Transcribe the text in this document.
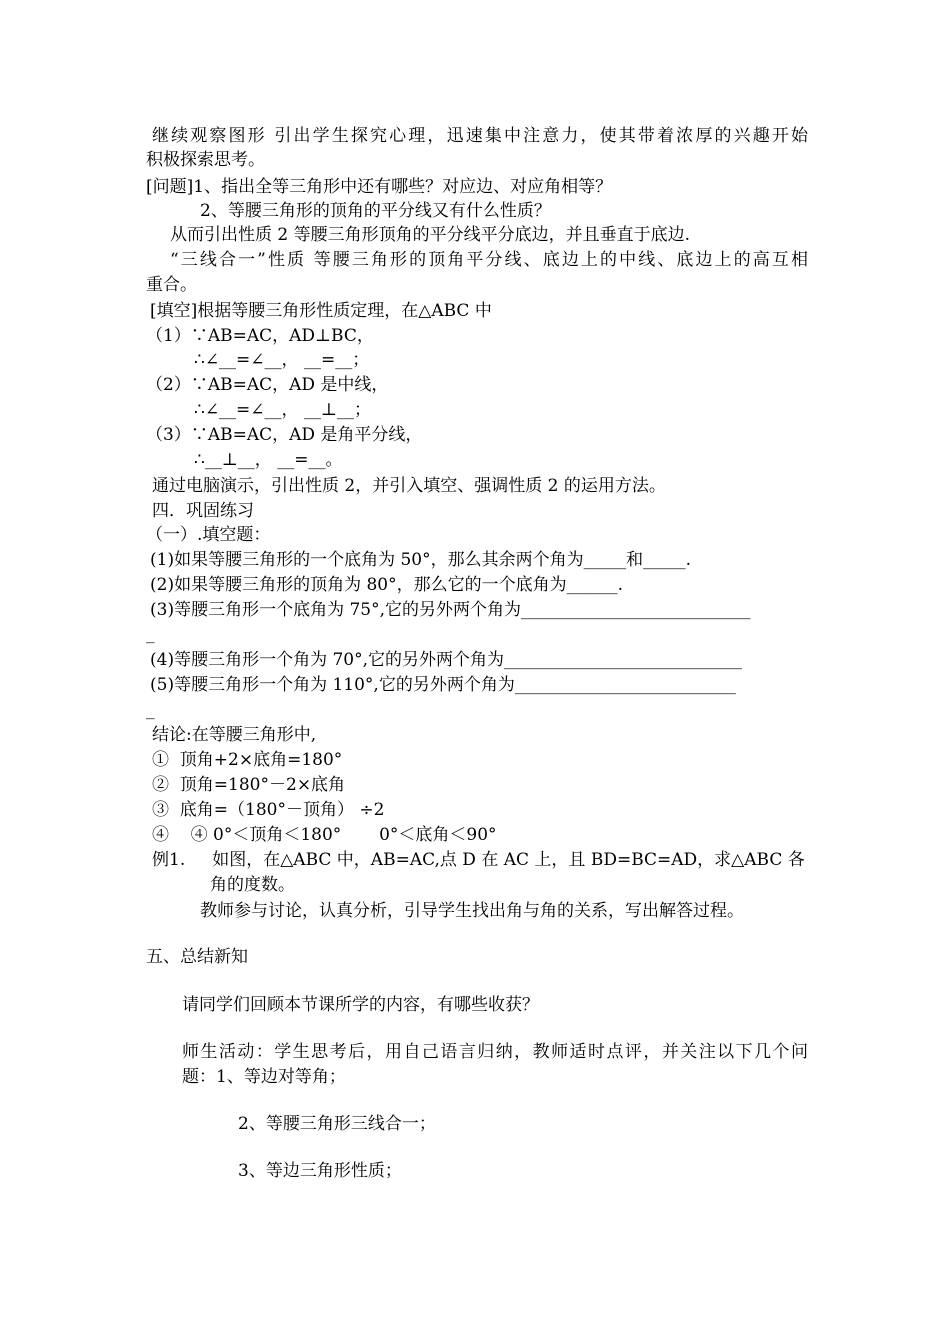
继续观察图形 引出学生探究心理，迅速集中注意力，使其带着浓厚的兴趣开始
积极探索思考。
[问题]1、指出全等三角形中还有哪些？对应边、对应角相等？
2、等腰三角形的顶角的平分线又有什么性质？
从而引出性质 2 等腰三角形顶角的平分线平分底边，并且垂直于底边.
“三线合一”性质 等腰三角形的顶角平分线、底边上的中线、底边上的高互相
重合。
[填空]根据等腰三角形性质定理，在△ABC 中
（1）∵AB=AC，AD⊥BC，
∴∠__=∠__， __=__；
（2）∵AB=AC，AD 是中线，
∴∠__=∠__， __⊥__；
（3）∵AB=AC，AD 是角平分线，
∴__⊥__， __=__。
通过电脑演示，引出性质 2，并引入填空、强调性质 2 的运用方法。
四．巩固练习
（一）.填空题：
(1)如果等腰三角形的一个底角为 50°，那么其余两个角为_____和_____.
(2)如果等腰三角形的顶角为 80°，那么它的一个底角为______.
(3)等腰三角形一个底角为 75°,它的另外两个角为___________________________
_
(4)等腰三角形一个角为 70°,它的另外两个角为____________________________
(5)等腰三角形一个角为 110°,它的另外两个角为__________________________
_
结论:在等腰三角形中,
①  顶角+2×底角=180°
②  顶角=180°－2×底角
③  底角=（180°－顶角） ÷2
④    ④ 0°＜顶角＜180°       0°＜底角＜90°
例1.     如图，在△ABC 中，AB=AC,点 D 在 AC 上，且 BD=BC=AD，求△ABC 各
角的度数。
教师参与讨论，认真分析，引导学生找出角与角的关系，写出解答过程。
五、总结新知
请同学们回顾本节课所学的内容，有哪些收获？
师生活动：学生思考后，用自己语言归纳，教师适时点评，并关注以下几个问
题：1、等边对等角；
2、等腰三角形三线合一；
3、等边三角形性质；
